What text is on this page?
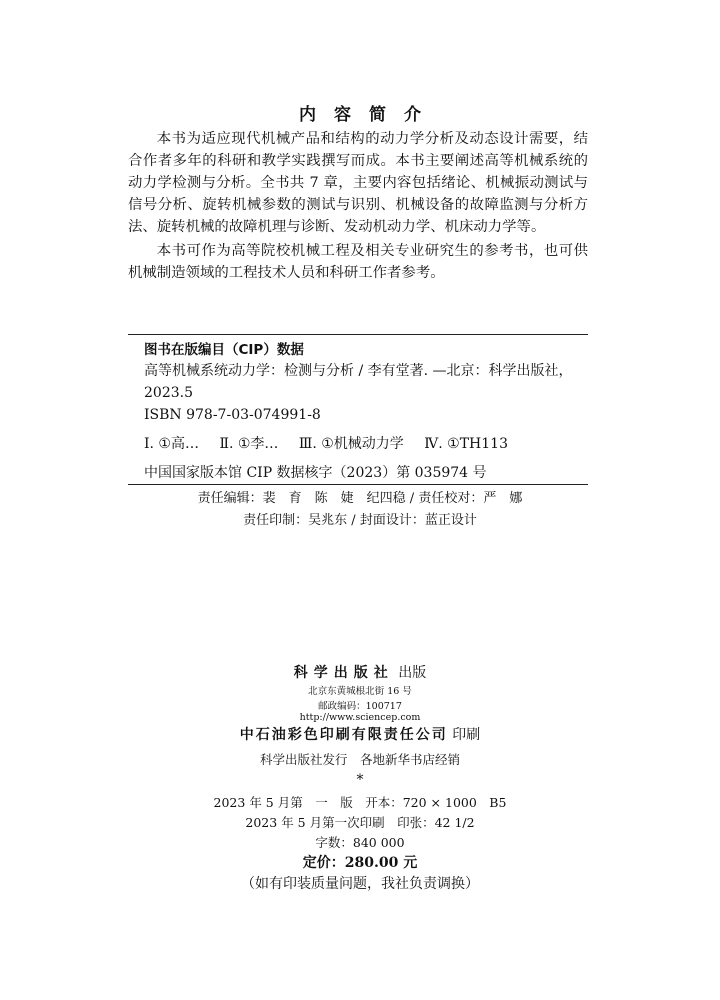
内容简介

本书为适应现代机械产品和结构的动力学分析及动态设计需要，结合作者多年的科研和教学实践撰写而成。本书主要阐述高等机械系统的动力学检测与分析。全书共 7 章，主要内容包括绪论、机械振动测试与信号分析、旋转机械参数的测试与识别、机械设备的故障监测与分析方法、旋转机械的故障机理与诊断、发动机动力学、机床动力学等。

本书可作为高等院校机械工程及相关专业研究生的参考书，也可供机械制造领域的工程技术人员和科研工作者参考。

图书在版编目（CIP）数据
高等机械系统动力学：检测与分析 / 李有堂著. —北京：科学出版社，2023.5
ISBN 978-7-03-074991-8
Ⅰ. ①高… Ⅱ. ①李… Ⅲ. ①机械动力学 Ⅳ. ①TH113
中国国家版本馆 CIP 数据核字（2023）第 035974 号
责任编辑：裴　育　陈　婕　纪四稳 / 责任校对：严　娜
责任印制：吴兆东 / 封面设计：蓝正设计
科学出版社 出版
北京东黄城根北街 16 号
邮政编码：100717
http://www.sciencep.com
中石油彩色印刷有限责任公司 印刷
科学出版社发行　各地新华书店经销
*
2023 年 5 月第　一　版　开本：720 × 1000　B5
2023 年 5 月第一次印刷　印张：42 1/2
字数：840 000
定价：280.00 元
（如有印装质量问题，我社负责调换）
